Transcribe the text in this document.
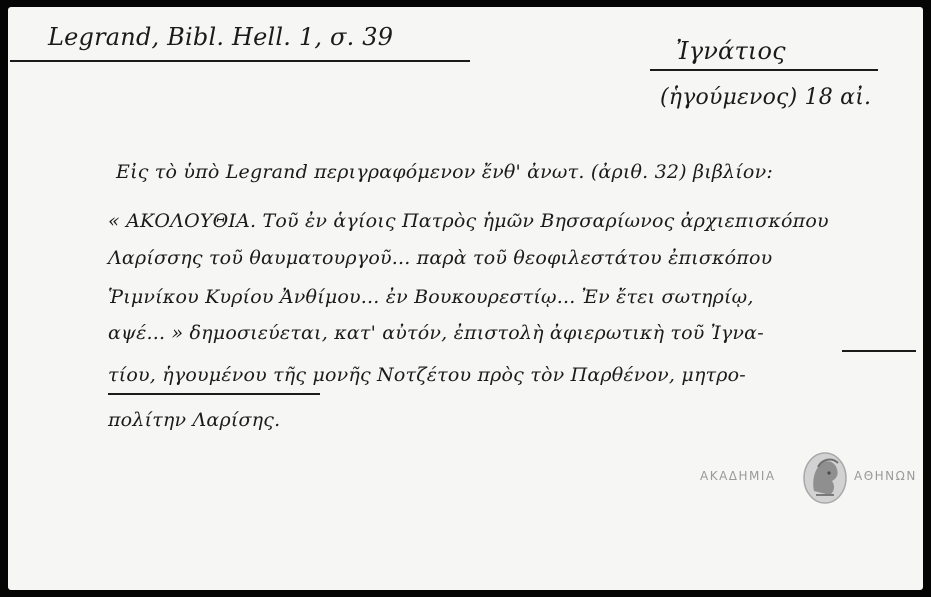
Legrand, Bibl. Hell. 1, σ. 39	Ἰγνάτιος
(ἡγούμενος) 18 αἰ.
Εἰς τὸ ὑπὸ Legrand περιγραφόμενον ἔνθ' ἀνωτ. (ἀριθ. 32) βιβλίον:
« ΑΚΟΛΟΥΘΙΑ. Τοῦ ἐν ἁγίοις Πατρὸς ἡμῶν Βησσαρίωνος ἀρχιεπισκόπου
Λαρίσσης τοῦ θαυματουργοῦ... παρὰ τοῦ θεοφιλεστάτου ἐπισκόπου
Ῥιμνίκου Κυρίου Ἀνθίμου... ἐν Βουκουρεστίῳ... Ἐν ἔτει σωτηρίῳ,
αψέ... » δημοσιεύεται, κατ' αὐτόν, ἐπιστολὴ ἀφιερωτικὴ τοῦ Ἰγνα-
τίου, ἡγουμένου τῆς μονῆς Νοτζέτου πρὸς τὸν Παρθένον, μητρο-
πολίτην Λαρίσης.
ΑΚΑΔΗΜΙΑ	ΑΘΗΝΩΝ
